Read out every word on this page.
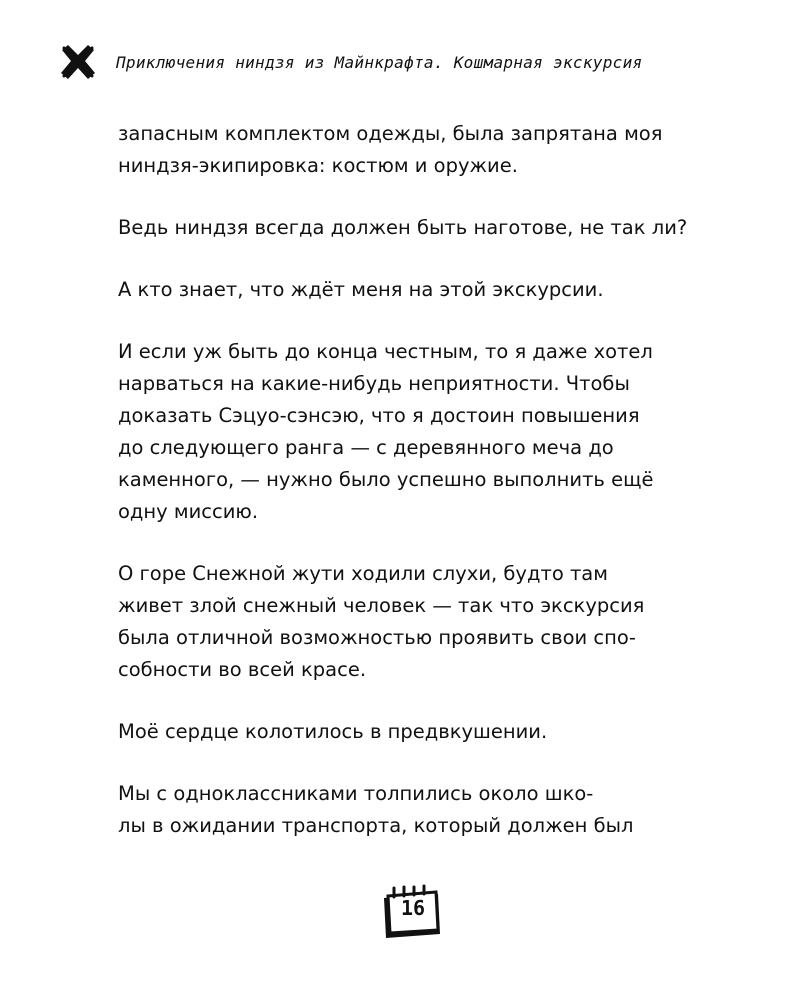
Приключения ниндзя из Майнкрафта. Кошмарная экскурсия

запасным комплектом одежды, была запрятана моя
ниндзя-экипировка: костюм и оружие.

Ведь ниндзя всегда должен быть наготове, не так ли?

А кто знает, что ждёт меня на этой экскурсии.

И если уж быть до конца честным, то я даже хотел
нарваться на какие-нибудь неприятности. Чтобы
доказать Сэцуо-сэнсэю, что я достоин повышения
до следующего ранга — с деревянного меча до
каменного, — нужно было успешно выполнить ещё
одну миссию.

О горе Снежной жути ходили слухи, будто там
живет злой снежный человек — так что экскурсия
была отличной возможностью проявить свои спо-
собности во всей красе.

Моё сердце колотилось в предвкушении.

Мы с одноклассниками толпились около шко-
лы в ожидании транспорта, который должен был

16
